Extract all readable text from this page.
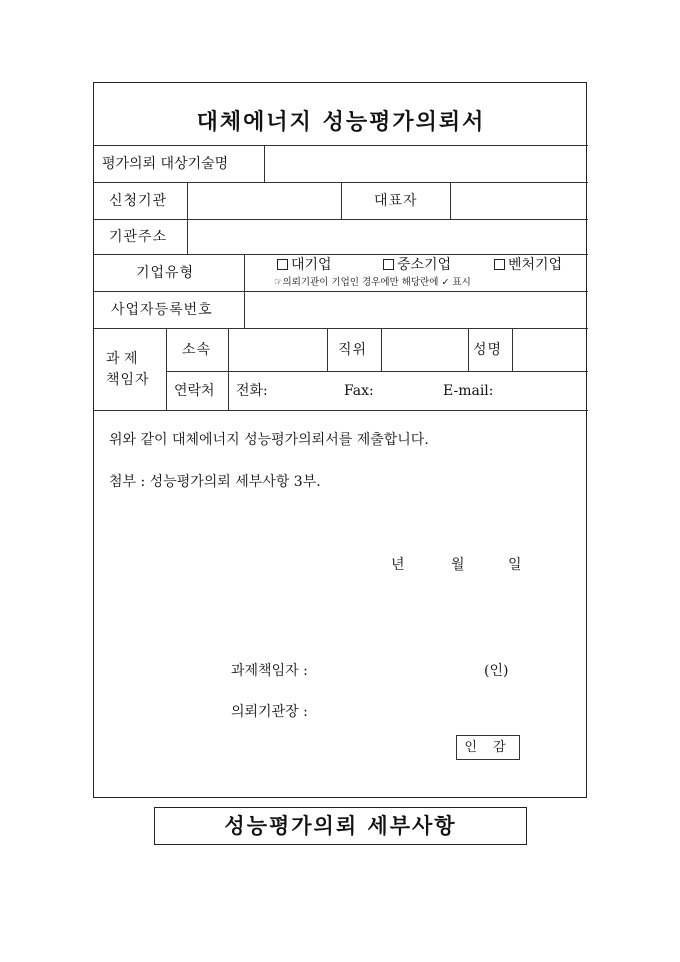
대체에너지 성능평가의뢰서
평가의뢰 대상기술명
신청기관	대표자
기관주소
기업유형	대기업	중소기업	벤처기업
☞의뢰기관이 기업인 경우에만 해당란에 ✓ 표시
사업자등록번호
과 제
책임자
소속	직위	성명
연락처 전화:	Fax:	E-mail:
위와 같이 대체에너지 성능평가의뢰서를 제출합니다.
첨부 : 성능평가의뢰 세부사항 3부.
년	월	일
과제책임자 :	(인)
의뢰기관장 :
인 감
성능평가의뢰 세부사항
